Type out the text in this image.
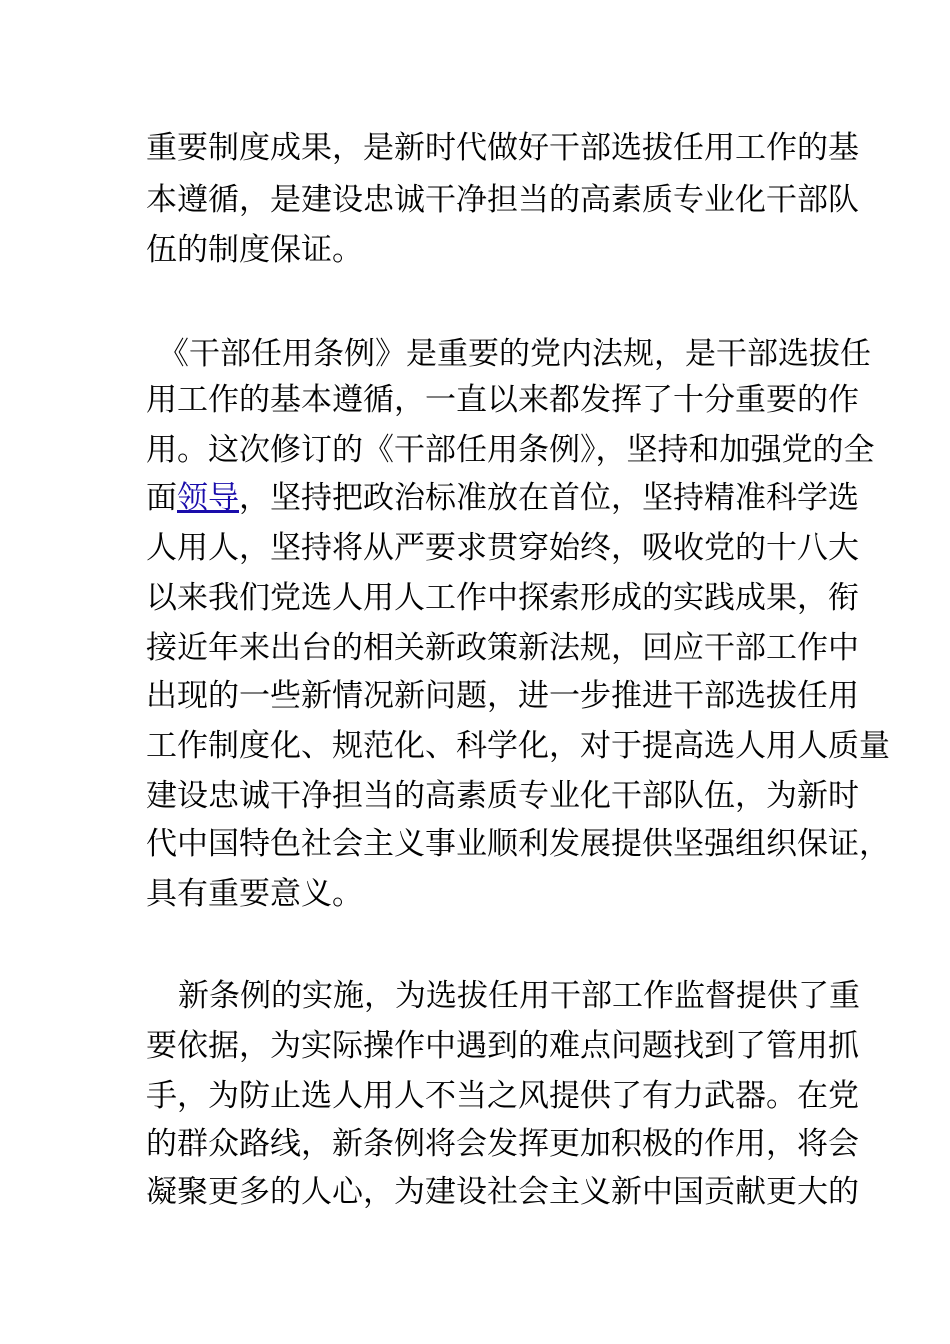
重要制度成果，是新时代做好干部选拔任用工作的基
本遵循，是建设忠诚干净担当的高素质专业化干部队
伍的制度保证。
《干部任用条例》是重要的党内法规，是干部选拔任
用工作的基本遵循，一直以来都发挥了十分重要的作
用。这次修订的《干部任用条例》，坚持和加强党的全
面领导，坚持把政治标准放在首位，坚持精准科学选
人用人，坚持将从严要求贯穿始终，吸收党的十八大
以来我们党选人用人工作中探索形成的实践成果，衔
接近年来出台的相关新政策新法规，回应干部工作中
出现的一些新情况新问题，进一步推进干部选拔任用
工作制度化、规范化、科学化，对于提高选人用人质量
建设忠诚干净担当的高素质专业化干部队伍，为新时
代中国特色社会主义事业顺利发展提供坚强组织保证，
具有重要意义。
新条例的实施，为选拔任用干部工作监督提供了重
要依据，为实际操作中遇到的难点问题找到了管用抓
手，为防止选人用人不当之风提供了有力武器。在党
的群众路线，新条例将会发挥更加积极的作用，将会
凝聚更多的人心，为建设社会主义新中国贡献更大的
